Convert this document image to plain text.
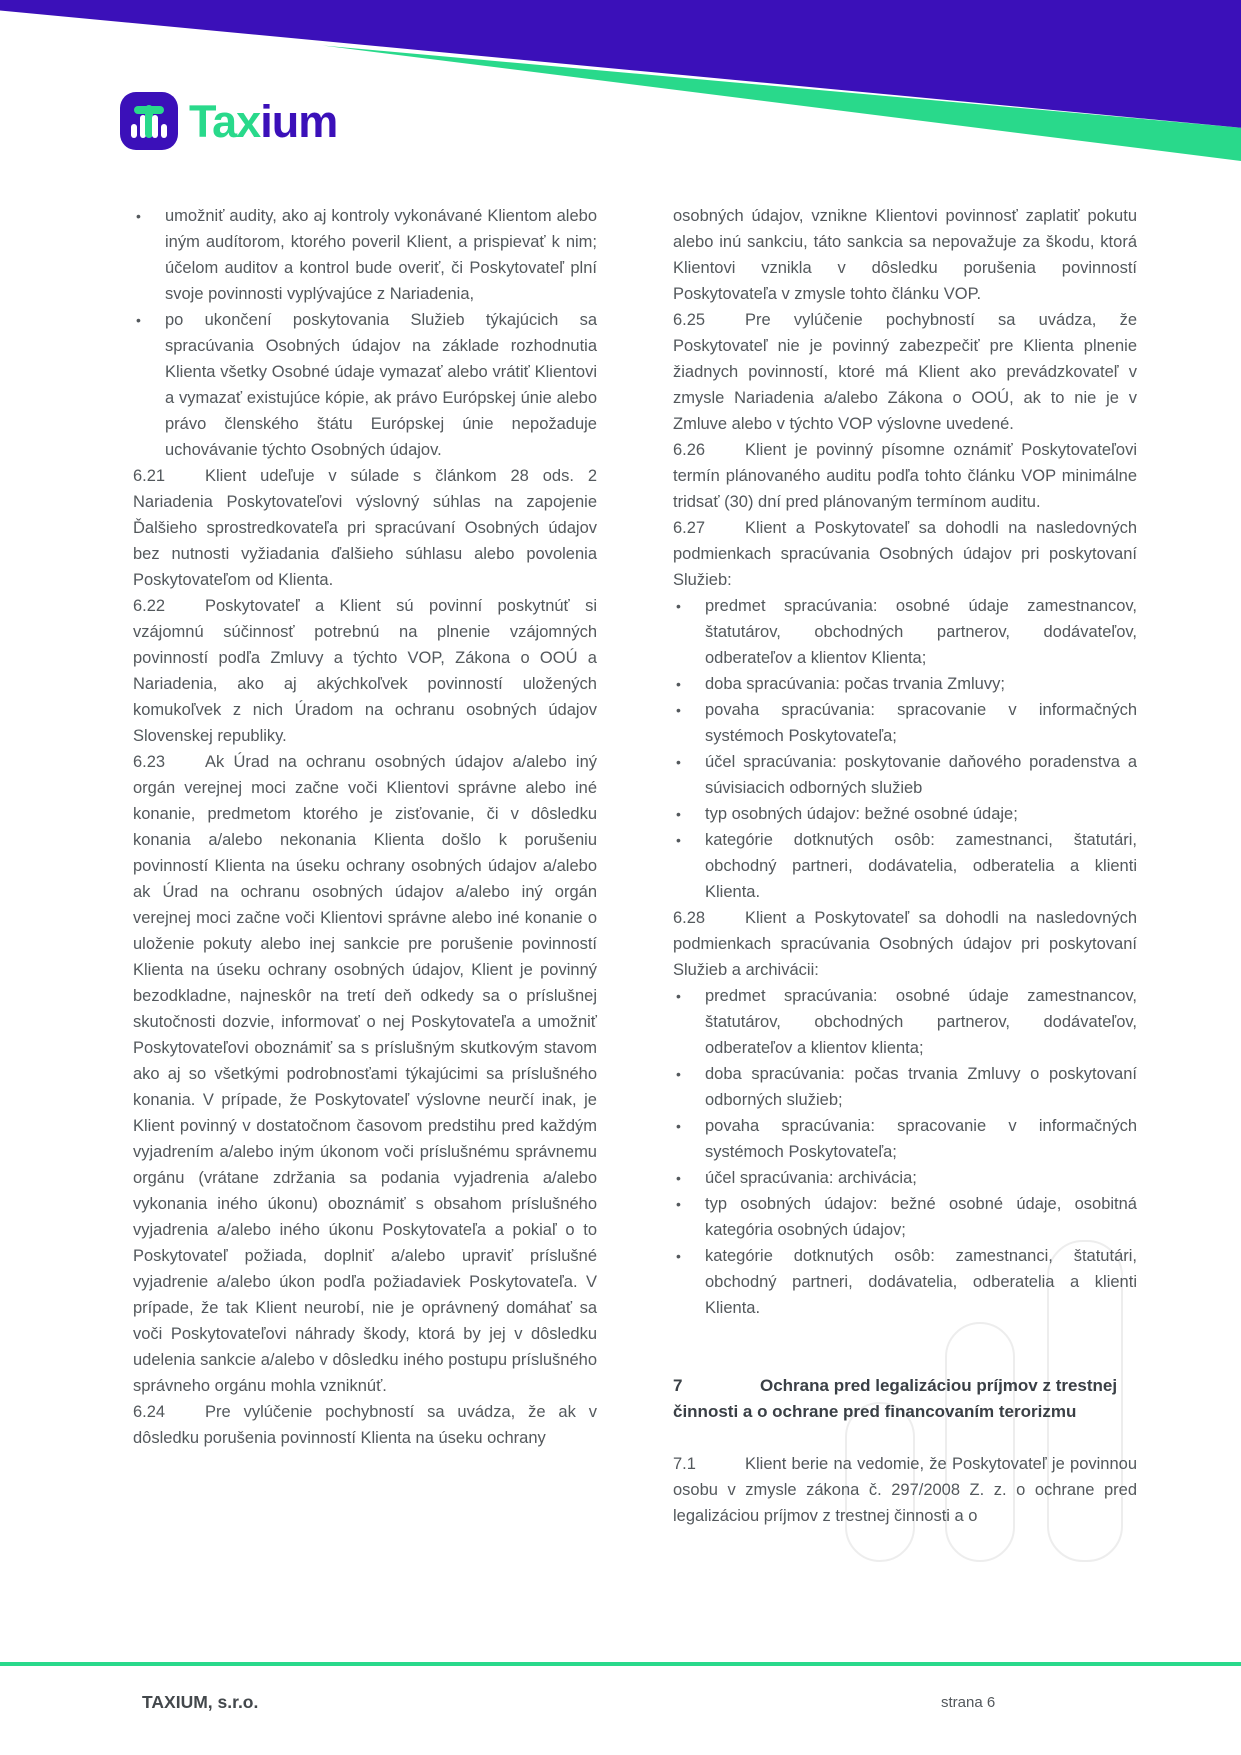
Taxium

• umožniť audity, ako aj kontroly vykonávané Klientom alebo iným audítorom, ktorého poveril Klient, a prispievať k nim; účelom auditov a kontrol bude overiť, či Poskytovateľ plní svoje povinnosti vyplývajúce z Nariadenia,

• po ukončení poskytovania Služieb týkajúcich sa spracúvania Osobných údajov na základe rozhodnutia Klienta všetky Osobné údaje vymazať alebo vrátiť Klientovi a vymazať existujúce kópie, ak právo Európskej únie alebo právo členského štátu Európskej únie nepožaduje uchovávanie týchto Osobných údajov.

6.21 Klient udeľuje v súlade s článkom 28 ods. 2 Nariadenia Poskytovateľovi výslovný súhlas na zapojenie Ďalšieho sprostredkovateľa pri spracúvaní Osobných údajov bez nutnosti vyžiadania ďalšieho súhlasu alebo povolenia Poskytovateľom od Klienta.

6.22 Poskytovateľ a Klient sú povinní poskytnúť si vzájomnú súčinnosť potrebnú na plnenie vzájomných povinností podľa Zmluvy a týchto VOP, Zákona o OOÚ a Nariadenia, ako aj akýchkoľvek povinností uložených komukoľvek z nich Úradom na ochranu osobných údajov Slovenskej republiky.

6.23 Ak Úrad na ochranu osobných údajov a/alebo iný orgán verejnej moci začne voči Klientovi správne alebo iné konanie, predmetom ktorého je zisťovanie, či v dôsledku konania a/alebo nekonania Klienta došlo k porušeniu povinností Klienta na úseku ochrany osobných údajov a/alebo ak Úrad na ochranu osobných údajov a/alebo iný orgán verejnej moci začne voči Klientovi správne alebo iné konanie o uloženie pokuty alebo inej sankcie pre porušenie povinností Klienta na úseku ochrany osobných údajov, Klient je povinný bezodkladne, najneskôr na tretí deň odkedy sa o príslušnej skutočnosti dozvie, informovať o nej Poskytovateľa a umožniť Poskytovateľovi oboznámiť sa s príslušným skutkovým stavom ako aj so všetkými podrobnosťami týkajúcimi sa príslušného konania. V prípade, že Poskytovateľ výslovne neurčí inak, je Klient povinný v dostatočnom časovom predstihu pred každým vyjadrením a/alebo iným úkonom voči príslušnému správnemu orgánu (vrátane zdržania sa podania vyjadrenia a/alebo vykonania iného úkonu) oboznámiť s obsahom príslušného vyjadrenia a/alebo iného úkonu Poskytovateľa a pokiaľ o to Poskytovateľ požiada, doplniť a/alebo upraviť príslušné vyjadrenie a/alebo úkon podľa požiadaviek Poskytovateľa. V prípade, že tak Klient neurobí, nie je oprávnený domáhať sa voči Poskytovateľovi náhrady škody, ktorá by jej v dôsledku udelenia sankcie a/alebo v dôsledku iného postupu príslušného správneho orgánu mohla vzniknúť.

6.24 Pre vylúčenie pochybností sa uvádza, že ak v dôsledku porušenia povinností Klienta na úseku ochrany

osobných údajov, vznikne Klientovi povinnosť zaplatiť pokutu alebo inú sankciu, táto sankcia sa nepovažuje za škodu, ktorá Klientovi vznikla v dôsledku porušenia povinností Poskytovateľa v zmysle tohto článku VOP.

6.25 Pre vylúčenie pochybností sa uvádza, že Poskytovateľ nie je povinný zabezpečiť pre Klienta plnenie žiadnych povinností, ktoré má Klient ako prevádzkovateľ v zmysle Nariadenia a/alebo Zákona o OOÚ, ak to nie je v Zmluve alebo v týchto VOP výslovne uvedené.

6.26 Klient je povinný písomne oznámiť Poskytovateľovi termín plánovaného auditu podľa tohto článku VOP minimálne tridsať (30) dní pred plánovaným termínom auditu.

6.27 Klient a Poskytovateľ sa dohodli na nasledovných podmienkach spracúvania Osobných údajov pri poskytovaní Služieb:

• predmet spracúvania: osobné údaje zamestnancov, štatutárov, obchodných partnerov, dodávateľov, odberateľov a klientov Klienta;

• doba spracúvania: počas trvania Zmluvy;

• povaha spracúvania: spracovanie v informačných systémoch Poskytovateľa;

• účel spracúvania: poskytovanie daňového poradenstva a súvisiacich odborných služieb

• typ osobných údajov: bežné osobné údaje;

• kategórie dotknutých osôb: zamestnanci, štatutári, obchodný partneri, dodávatelia, odberatelia a klienti Klienta.

6.28 Klient a Poskytovateľ sa dohodli na nasledovných podmienkach spracúvania Osobných údajov pri poskytovaní Služieb a archivácii:

• predmet spracúvania: osobné údaje zamestnancov, štatutárov, obchodných partnerov, dodávateľov, odberateľov a klientov klienta;

• doba spracúvania: počas trvania Zmluvy o poskytovaní odborných služieb;

• povaha spracúvania: spracovanie v informačných systémoch Poskytovateľa;

• účel spracúvania: archivácia;

• typ osobných údajov: bežné osobné údaje, osobitná kategória osobných údajov;

• kategórie dotknutých osôb: zamestnanci, štatutári, obchodný partneri, dodávatelia, odberatelia a klienti Klienta.

7	Ochrana pred legalizáciou príjmov z trestnej činnosti a o ochrane pred financovaním terorizmu

7.1	Klient berie na vedomie, že Poskytovateľ je povinnou osobu v zmysle zákona č. 297/2008 Z. z. o ochrane pred legalizáciou príjmov z trestnej činnosti a o

TAXIUM, s.r.o.	strana 6
